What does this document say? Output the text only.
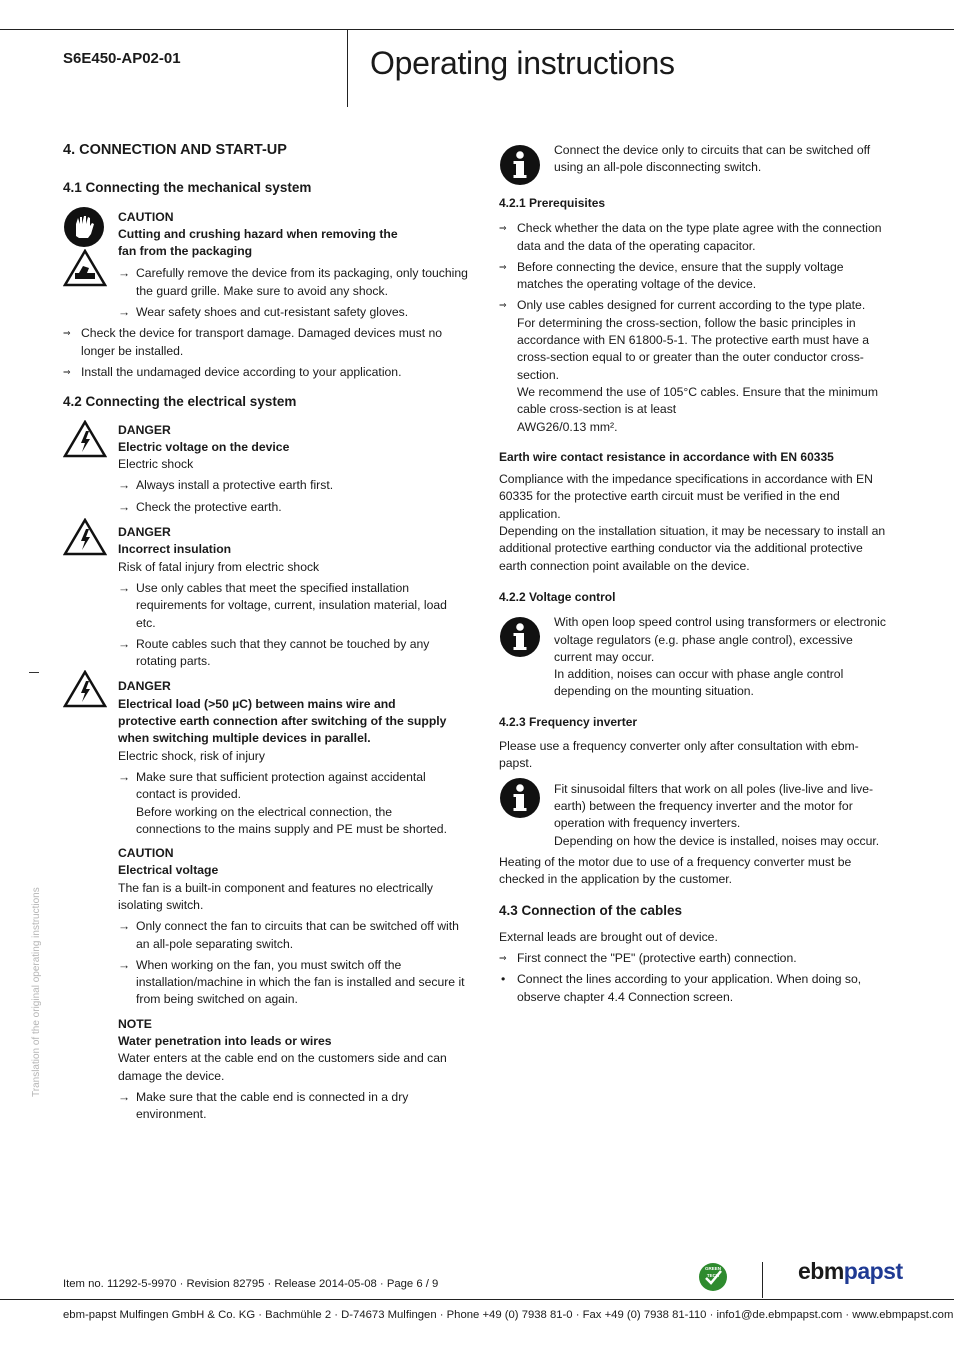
S6E450-AP02-01	Operating instructions
4. CONNECTION AND START-UP
4.1 Connecting the mechanical system
CAUTION
Cutting and crushing hazard when removing the fan from the packaging
→ Carefully remove the device from its packaging, only touching the guard grille. Make sure to avoid any shock.
→ Wear safety shoes and cut-resistant safety gloves.
⇒ Check the device for transport damage. Damaged devices must no longer be installed.
⇒ Install the undamaged device according to your application.
4.2 Connecting the electrical system
DANGER
Electric voltage on the device
Electric shock
→ Always install a protective earth first.
→ Check the protective earth.
DANGER
Incorrect insulation
Risk of fatal injury from electric shock
→ Use only cables that meet the specified installation requirements for voltage, current, insulation material, load etc.
→ Route cables such that they cannot be touched by any rotating parts.
DANGER
Electrical load (>50 µC) between mains wire and protective earth connection after switching of the supply when switching multiple devices in parallel.
Electric shock, risk of injury
→ Make sure that sufficient protection against accidental contact is provided.
Before working on the electrical connection, the connections to the mains supply and PE must be shorted.
CAUTION
Electrical voltage
The fan is a built-in component and features no electrically isolating switch.
→ Only connect the fan to circuits that can be switched off with an all-pole separating switch.
→ When working on the fan, you must switch off the installation/machine in which the fan is installed and secure it from being switched on again.
NOTE
Water penetration into leads or wires
Water enters at the cable end on the customers side and can damage the device.
→ Make sure that the cable end is connected in a dry environment.
Connect the device only to circuits that can be switched off using an all-pole disconnecting switch.
4.2.1 Prerequisites
⇒ Check whether the data on the type plate agree with the connection data and the data of the operating capacitor.
⇒ Before connecting the device, ensure that the supply voltage matches the operating voltage of the device.
⇒ Only use cables designed for current according to the type plate.
For determining the cross-section, follow the basic principles in accordance with EN 61800-5-1. The protective earth must have a cross-section equal to or greater than the outer conductor cross-section.
We recommend the use of 105°C cables. Ensure that the minimum cable cross-section is at least
AWG26/0.13 mm².
Earth wire contact resistance in accordance with EN 60335
Compliance with the impedance specifications in accordance with EN 60335 for the protective earth circuit must be verified in the end application.
Depending on the installation situation, it may be necessary to install an additional protective earthing conductor via the additional protective earth connection point available on the device.
4.2.2 Voltage control
With open loop speed control using transformers or electronic voltage regulators (e.g. phase angle control), excessive current may occur.
In addition, noises can occur with phase angle control depending on the mounting situation.
4.2.3 Frequency inverter
Please use a frequency converter only after consultation with ebm-papst.
Fit sinusoidal filters that work on all poles (live-live and live-earth) between the frequency inverter and the motor for operation with frequency inverters.
Depending on how the device is installed, noises may occur.
Heating of the motor due to use of a frequency converter must be checked in the application by the customer.
4.3 Connection of the cables
External leads are brought out of device.
⇒ First connect the "PE" (protective earth) connection.
• Connect the lines according to your application. When doing so, observe chapter 4.4 Connection screen.
Translation of the original operating instructions
Item no. 11292-5-9970 · Revision 82795 · Release 2014-05-08 · Page 6 / 9
GREEN
TECH	ebmpapst
ebm-papst Mulfingen GmbH & Co. KG · Bachmühle 2 · D-74673 Mulfingen · Phone +49 (0) 7938 81-0 · Fax +49 (0) 7938 81-110 · info1@de.ebmpapst.com · www.ebmpapst.com
